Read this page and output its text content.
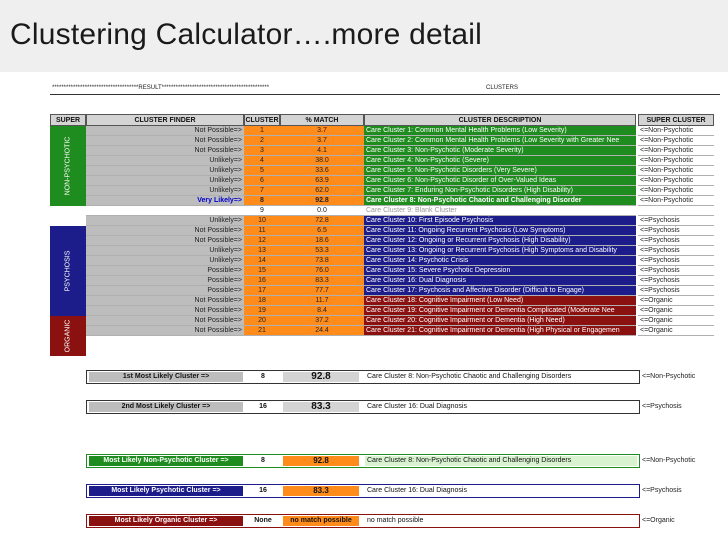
Clustering Calculator….more detail
*************************************RESULT**********************************************	CLUSTERS
SUPER	CLUSTER FINDER	CLUSTER	% MATCH	CLUSTER DESCRIPTION	SUPER CLUSTER
NON-PSYCHOTIC
PSYCHOSIS
ORGANIC
Not Possible=>	1	3.7	Care Cluster 1: Common Mental Health Problems (Low Severity)	<=Non-Psychotic
Not Possible=>	2	3.7	Care Cluster 2: Common Mental Health Problems (Low Severity with Greater Nee	<=Non-Psychotic
Not Possible=>	3	4.1	Care Cluster 3: Non-Psychotic (Moderate Severity)	<=Non-Psychotic
Unlikely=>	4	38.0	Care Cluster 4: Non-Psychotic (Severe)	<=Non-Psychotic
Unlikely=>	5	33.6	Care Cluster 5: Non-Psychotic Disorders (Very Severe)	<=Non-Psychotic
Unlikely=>	6	63.9	Care Cluster 6: Non-Psychotic Disorder of Over-Valued Ideas	<=Non-Psychotic
Unlikely=>	7	62.0	Care Cluster 7: Enduring Non-Psychotic Disorders (High Disability)	<=Non-Psychotic
Very Likely=>	8	92.8	Care Cluster 8: Non-Psychotic Chaotic and Challenging Disorder	<=Non-Psychotic
9	0.0	Care Cluster 9: Blank Cluster
Unlikely=>	10	72.8	Care Cluster 10: First Episode Psychosis	<=Psychosis
Not Possible=>	11	6.5	Care Cluster 11: Ongoing Recurrent Psychosis (Low Symptoms)	<=Psychosis
Not Possible=>	12	18.6	Care Cluster 12: Ongoing or Recurrent Psychosis (High Disability)	<=Psychosis
Unlikely=>	13	53.3	Care Cluster 13: Ongoing or Recurrent Psychosis (High Symptoms and Disability	<=Psychosis
Unlikely=>	14	73.8	Care Cluster 14: Psychotic Crisis	<=Psychosis
Possible=>	15	76.0	Care Cluster 15: Severe Psychotic Depression	<=Psychosis
Possible=>	16	83.3	Care Cluster 16: Dual Diagnosis	<=Psychosis
Possible=>	17	77.7	Care Cluster 17: Psychosis and Affective Disorder (Difficult to Engage)	<=Psychosis
Not Possible=>	18	11.7	Care Cluster 18: Cognitive Impairment (Low Need)	<=Organic
Not Possible=>	19	8.4	Care Cluster 19: Cognitive Impairment or Dementia Complicated (Moderate Nee	<=Organic
Not Possible=>	20	37.2	Care Cluster 20: Cognitive Impairment or Dementia (High Need)	<=Organic
Not Possible=>	21	24.4	Care Cluster 21: Cognitive Impairment or Dementia (High Physical or Engagemen	<=Organic
1st Most Likely Cluster =>	8	92.8	Care Cluster 8: Non-Psychotic Chaotic and Challenging Disorders	<=Non-Psychotic
2nd Most Likely Cluster =>	16	83.3	Care Cluster 16: Dual Diagnosis	<=Psychosis
Most Likely Non-Psychotic Cluster =>	8	92.8	Care Cluster 8: Non-Psychotic Chaotic and Challenging Disorders	<=Non-Psychotic
Most Likely Psychotic Cluster =>	16	83.3	Care Cluster 16: Dual Diagnosis	<=Psychosis
Most Likely Organic Cluster =>	None	no match possible	no match possible	<=Organic
